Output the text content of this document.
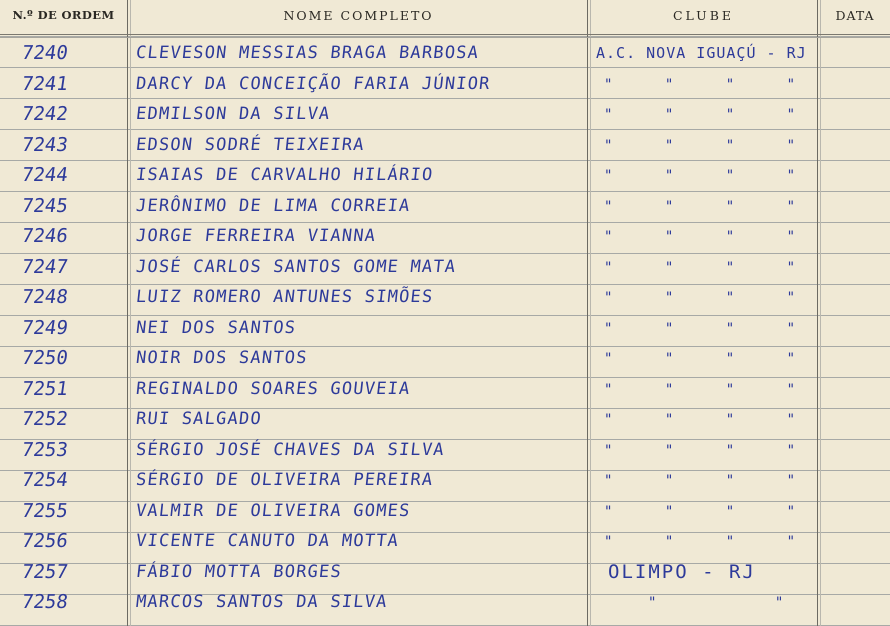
N.º DE ORDEM	NOME COMPLETO	CLUBE	DATA
7240	CLEVESON MESSIAS BRAGA BARBOSA	A.C. NOVA IGUAÇÚ - RJ
7241	DARCY DA CONCEIÇÃO FARIA JÚNIOR	" " " "
7242	EDMILSON DA SILVA	" " " "
7243	EDSON SODRÉ TEIXEIRA	" " " "
7244	ISAIAS DE CARVALHO HILÁRIO	" " " "
7245	JERÔNIMO DE LIMA CORREIA	" " " "
7246	JORGE FERREIRA VIANNA	" " " "
7247	JOSÉ CARLOS SANTOS GOME MATA	" " " "
7248	LUIZ ROMERO ANTUNES SIMÕES	" " " "
7249	NEI DOS SANTOS	" " " "
7250	NOIR DOS SANTOS	" " " "
7251	REGINALDO SOARES GOUVEIA	" " " "
7252	RUI SALGADO	" " " "
7253	SÉRGIO JOSÉ CHAVES DA SILVA	" " " "
7254	SÉRGIO DE OLIVEIRA PEREIRA	" " " "
7255	VALMIR DE OLIVEIRA GOMES	" " " "
7256	VICENTE CANUTO DA MOTTA	" " " "
7257	FÁBIO MOTTA BORGES	OLIMPO - RJ
7258	MARCOS SANTOS DA SILVA	" "
